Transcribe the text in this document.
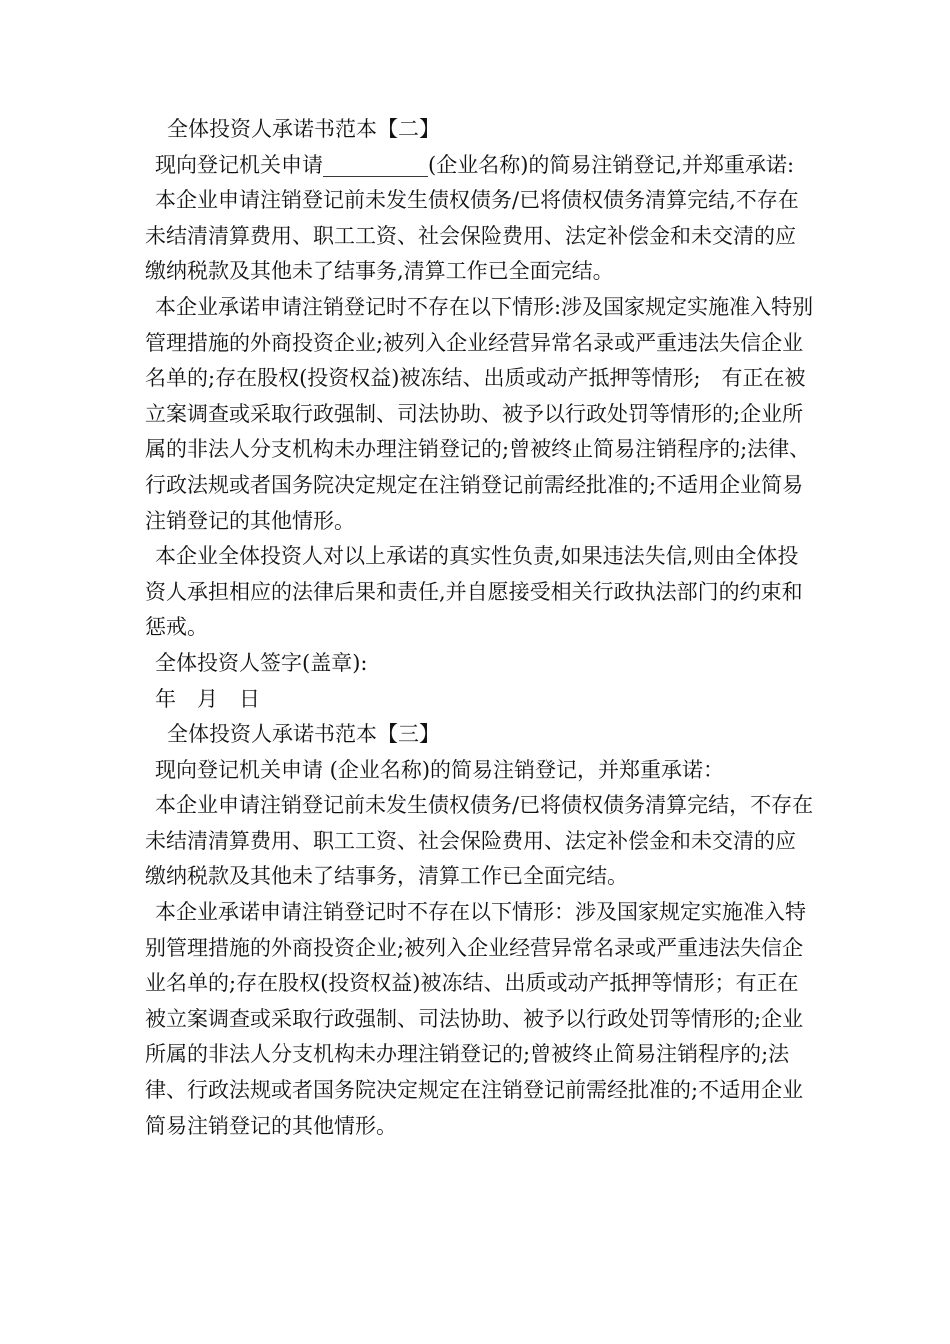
全体投资人承诺书范本【二】

现向登记机关申请__________(企业名称)的简易注销登记,并郑重承诺:

本企业申请注销登记前未发生债权债务/已将债权债务清算完结,不存在未结清清算费用、职工工资、社会保险费用、法定补偿金和未交清的应缴纳税款及其他未了结事务,清算工作已全面完结。

本企业承诺申请注销登记时不存在以下情形:涉及国家规定实施准入特别管理措施的外商投资企业;被列入企业经营异常名录或严重违法失信企业名单的;存在股权(投资权益)被冻结、出质或动产抵押等情形;　有正在被立案调查或采取行政强制、司法协助、被予以行政处罚等情形的;企业所属的非法人分支机构未办理注销登记的;曾被终止简易注销程序的;法律、行政法规或者国务院决定规定在注销登记前需经批准的;不适用企业简易注销登记的其他情形。

本企业全体投资人对以上承诺的真实性负责,如果违法失信,则由全体投资人承担相应的法律后果和责任,并自愿接受相关行政执法部门的约束和惩戒。

全体投资人签字(盖章):

年　月　日

全体投资人承诺书范本【三】

现向登记机关申请 (企业名称)的简易注销登记，并郑重承诺：

本企业申请注销登记前未发生债权债务/已将债权债务清算完结，不存在未结清清算费用、职工工资、社会保险费用、法定补偿金和未交清的应缴纳税款及其他未了结事务，清算工作已全面完结。

本企业承诺申请注销登记时不存在以下情形：涉及国家规定实施准入特别管理措施的外商投资企业;被列入企业经营异常名录或严重违法失信企业名单的;存在股权(投资权益)被冻结、出质或动产抵押等情形；有正在被立案调查或采取行政强制、司法协助、被予以行政处罚等情形的;企业所属的非法人分支机构未办理注销登记的;曾被终止简易注销程序的;法律、行政法规或者国务院决定规定在注销登记前需经批准的;不适用企业简易注销登记的其他情形。
